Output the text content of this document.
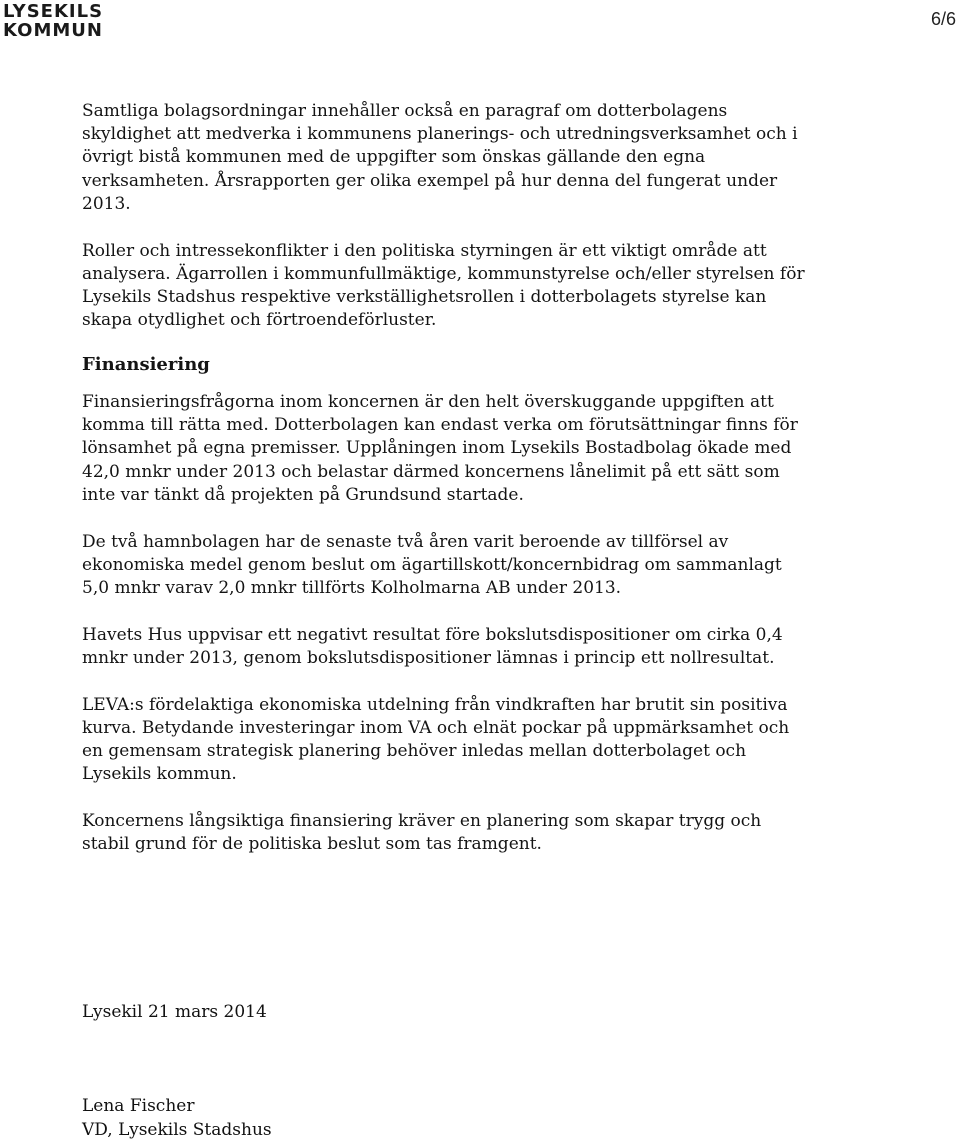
LYSEKILS
KOMMUN
6/6

Samtliga bolagsordningar innehåller också en paragraf om dotterbolagens skyldighet att medverka i kommunens planerings- och utredningsverksamhet och i övrigt bistå kommunen med de uppgifter som önskas gällande den egna verksamheten. Årsrapporten ger olika exempel på hur denna del fungerat under 2013.

Roller och intressekonflikter i den politiska styrningen är ett viktigt område att analysera. Ägarrollen i kommunfullmäktige, kommunstyrelse och/eller styrelsen för Lysekils Stadshus respektive verkställighetsrollen i dotterbolagets styrelse kan skapa otydlighet och förtroendeförluster.

Finansiering

Finansieringsfrågorna inom koncernen är den helt överskuggande uppgiften att komma till rätta med. Dotterbolagen kan endast verka om förutsättningar finns för lönsamhet på egna premisser. Upplåningen inom Lysekils Bostadbolag ökade med 42,0 mnkr under 2013 och belastar därmed koncernens lånelimit på ett sätt som inte var tänkt då projekten på Grundsund startade.

De två hamnbolagen har de senaste två åren varit beroende av tillförsel av ekonomiska medel genom beslut om ägartillskott/koncernbidrag om sammanlagt 5,0 mnkr varav 2,0 mnkr tillförts Kolholmarna AB under 2013.

Havets Hus uppvisar ett negativt resultat före bokslutsdispositioner om cirka 0,4 mnkr under 2013, genom bokslutsdispositioner lämnas i princip ett nollresultat.

LEVA:s fördelaktiga ekonomiska utdelning från vindkraften har brutit sin positiva kurva. Betydande investeringar inom VA och elnät pockar på uppmärksamhet och en gemensam strategisk planering behöver inledas mellan dotterbolaget och Lysekils kommun.

Koncernens långsiktiga finansiering kräver en planering som skapar trygg och stabil grund för de politiska beslut som tas framgent.

Lysekil 21 mars 2014

Lena Fischer
VD, Lysekils Stadshus
